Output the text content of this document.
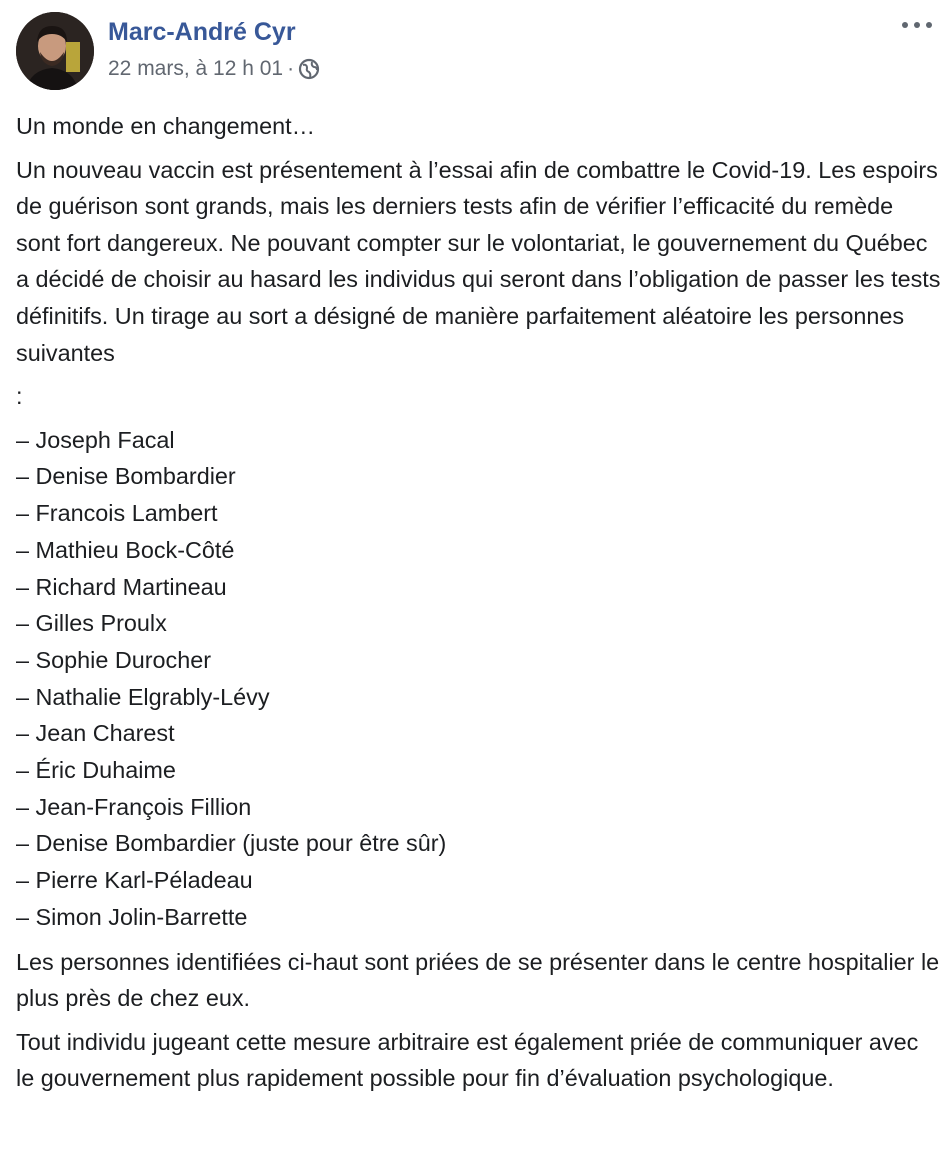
Marc-André Cyr
22 mars, à 12 h 01 ·

Un monde en changement…

Un nouveau vaccin est présentement à l’essai afin de combattre le Covid-19. Les espoirs de guérison sont grands, mais les derniers tests afin de vérifier l’efficacité du remède sont fort dangereux. Ne pouvant compter sur le volontariat, le gouvernement du Québec a décidé de choisir au hasard les individus qui seront dans l’obligation de passer les tests définitifs. Un tirage au sort a désigné de manière parfaitement aléatoire les personnes suivantes

:

– Joseph Facal
– Denise Bombardier
– Francois Lambert
– Mathieu Bock-Côté
– Richard Martineau
– Gilles Proulx
– Sophie Durocher
– Nathalie Elgrably-Lévy
– Jean Charest
– Éric Duhaime
– Jean-François Fillion
– Denise Bombardier (juste pour être sûr)
– Pierre Karl-Péladeau
– Simon Jolin-Barrette

Les personnes identifiées ci-haut sont priées de se présenter dans le centre hospitalier le plus près de chez eux.

Tout individu jugeant cette mesure arbitraire est également priée de communiquer avec le gouvernement plus rapidement possible pour fin d’évaluation psychologique.
